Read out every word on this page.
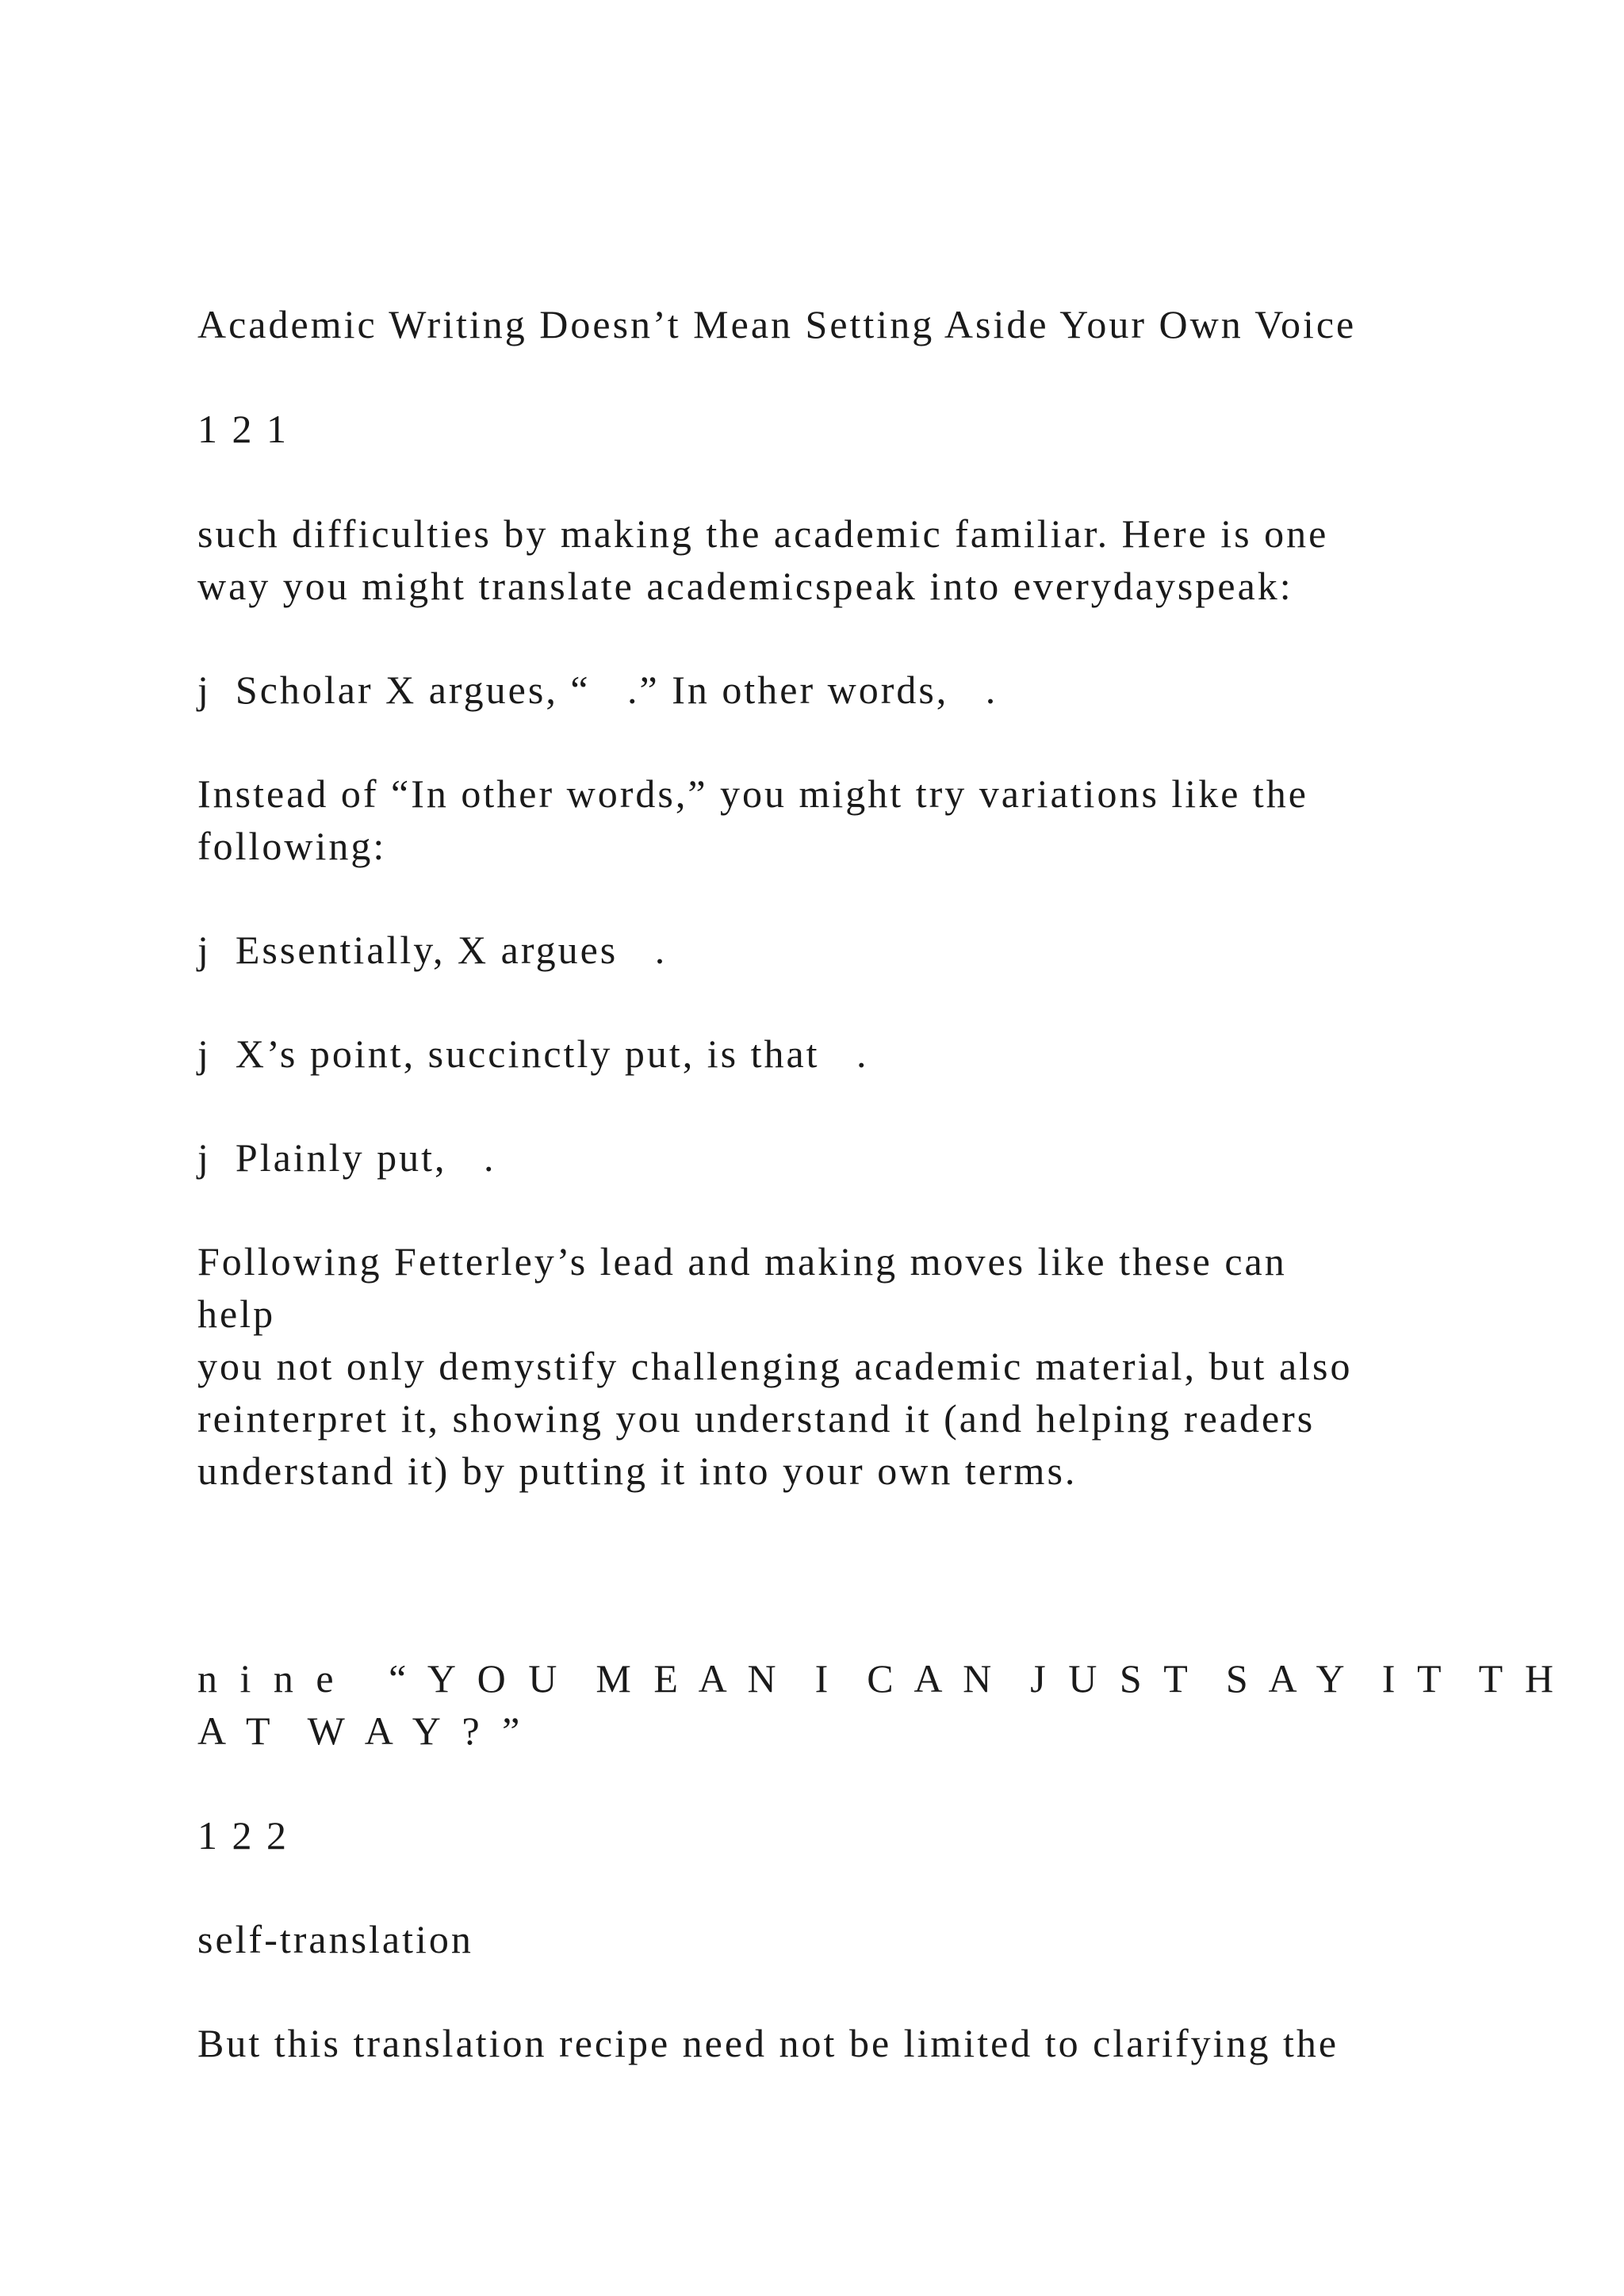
Academic Writing Doesn’t Mean Setting Aside Your Own Voice

1 2 1

such difficulties by making the academic familiar. Here is one

way you might translate academicspeak into everydayspeak:

j  Scholar X argues, “   .” In other words,   .

Instead of “In other words,” you might try variations like the

following:

j  Essentially, X argues   .

j  X’s point, succinctly put, is that   .

j  Plainly put,   .

Following Fetterley’s lead and making moves like these can

help

you not only demystify challenging academic material, but also

reinterpret it, showing you understand it (and helping readers

understand it) by putting it into your own terms.

n i n e   “ Y O U  M E A N  I  C A N  J U S T  S A Y  I T  T H

A T  W A Y ? ”

1 2 2

self-translation

But this translation recipe need not be limited to clarifying the
